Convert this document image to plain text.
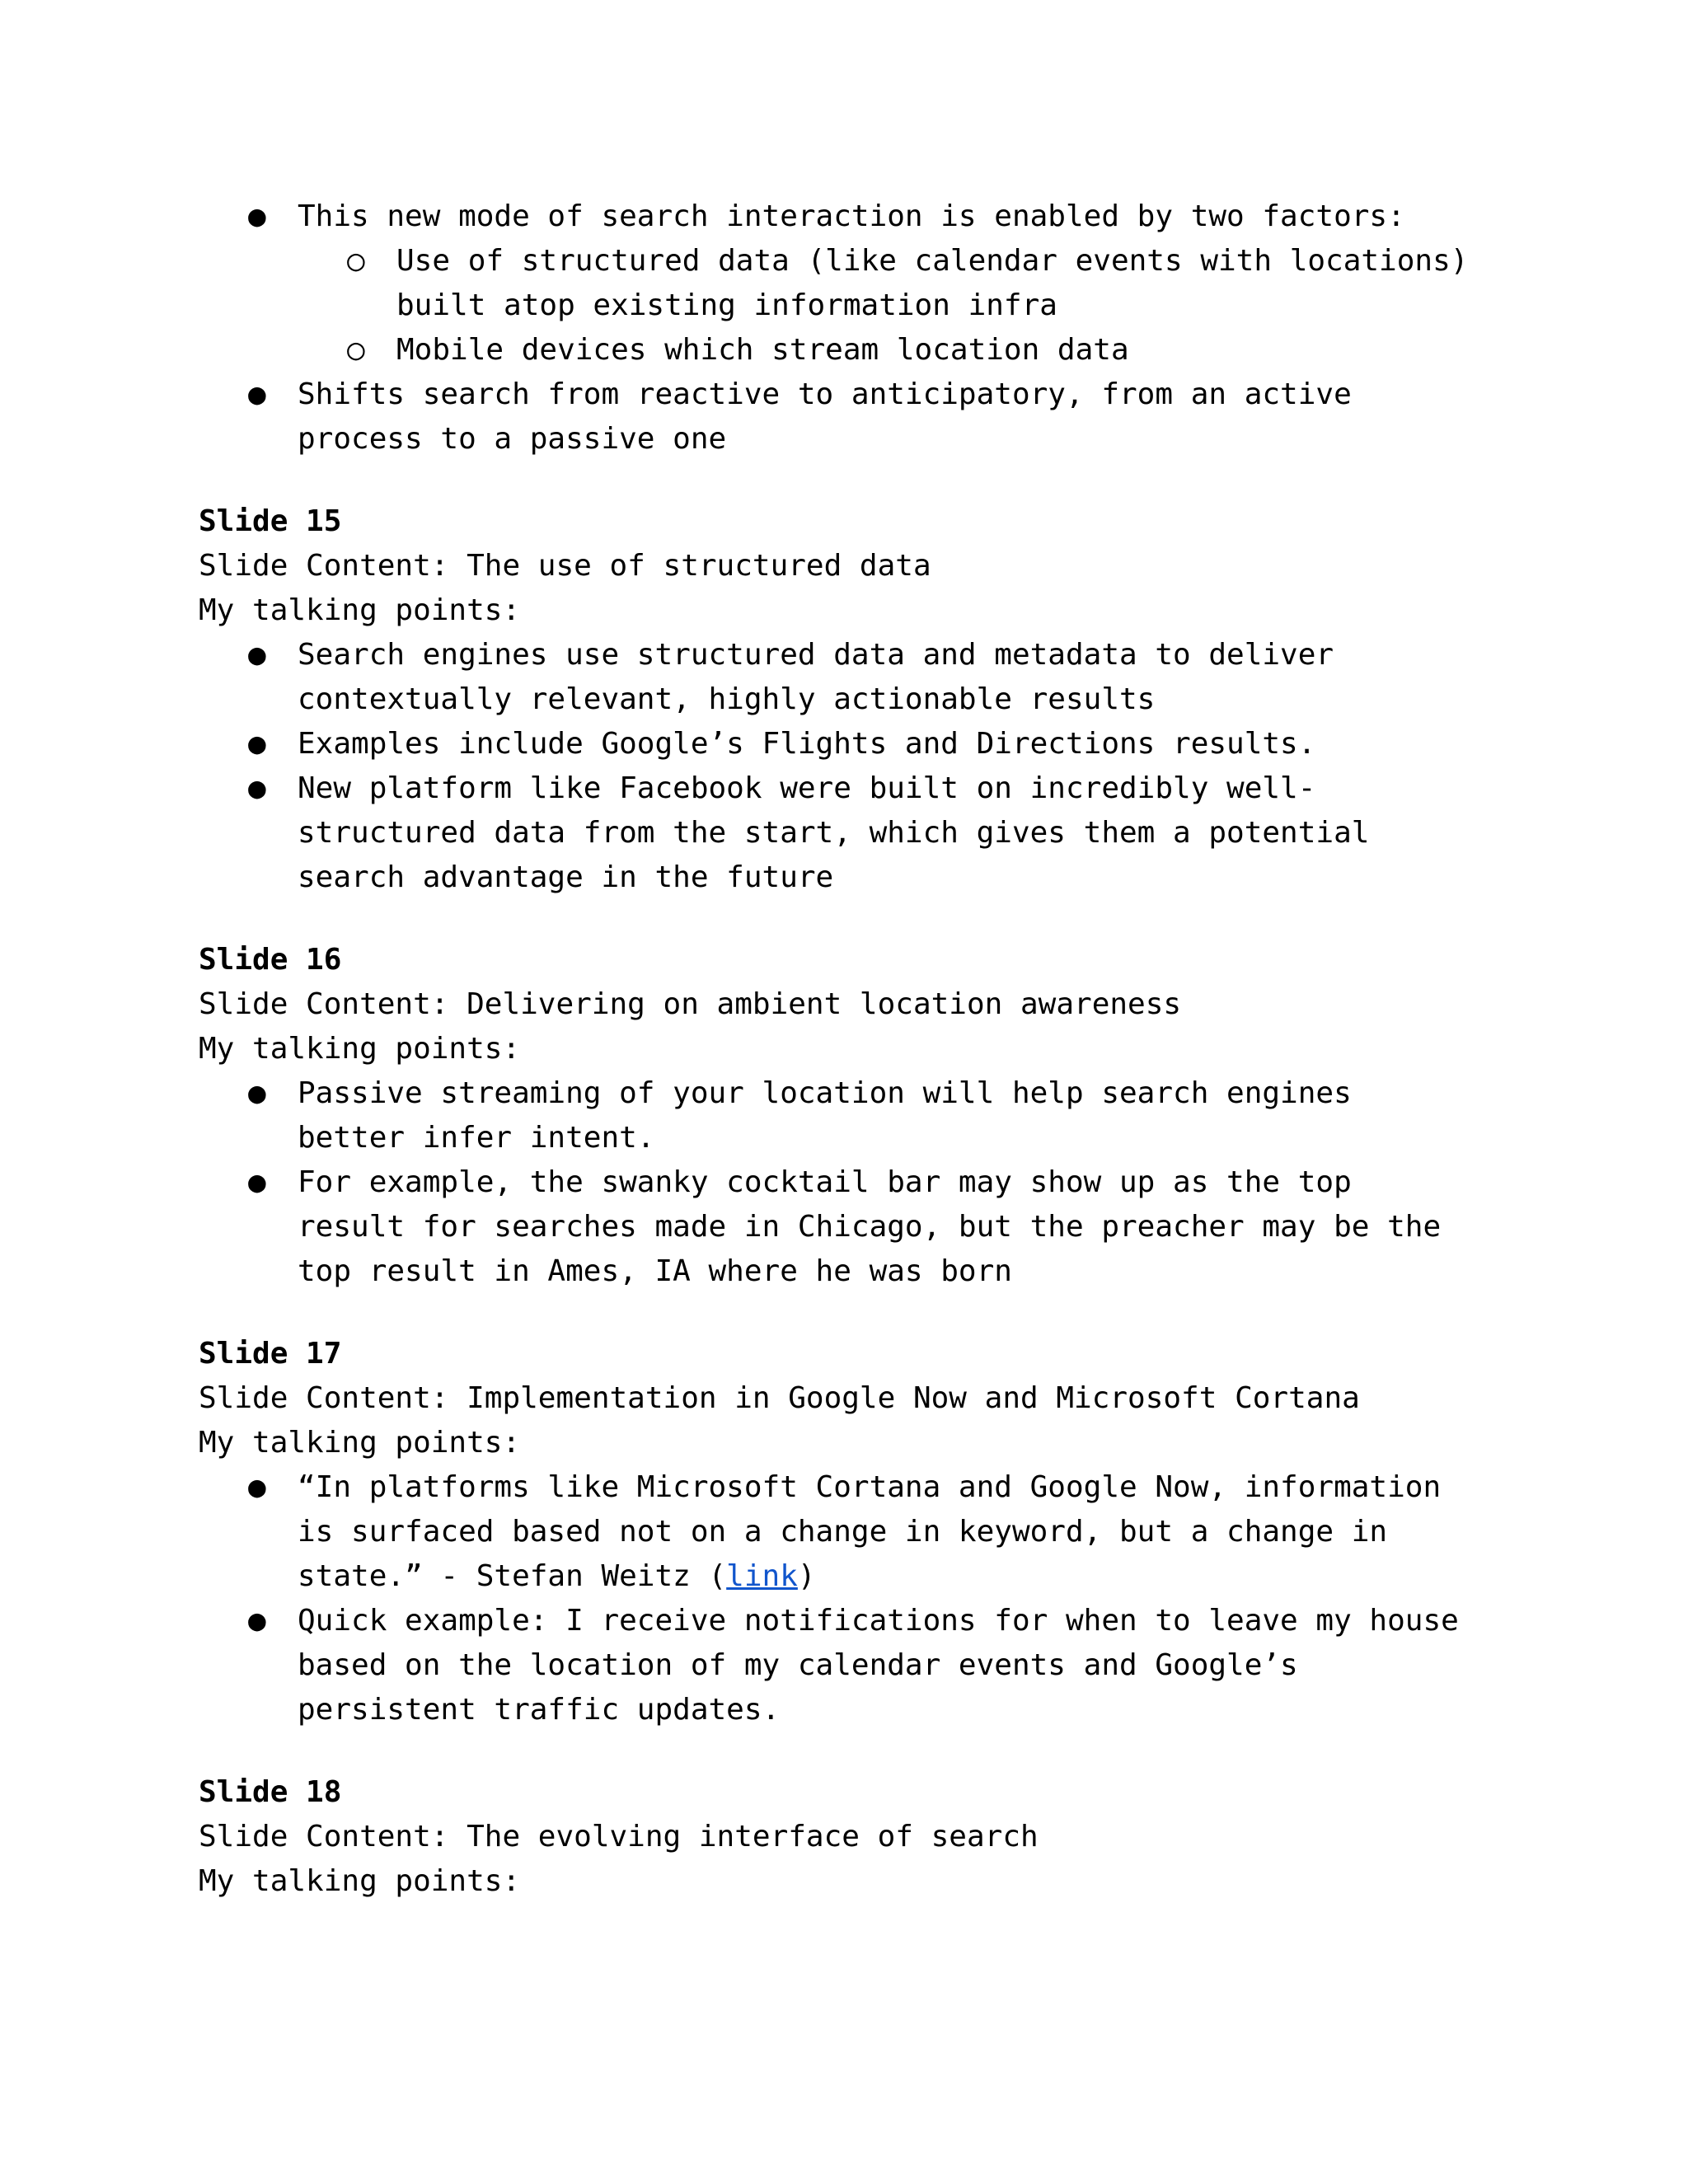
● This new mode of search interaction is enabled by two factors:
○ Use of structured data (like calendar events with locations)
built atop existing information infra
○ Mobile devices which stream location data
● Shifts search from reactive to anticipatory, from an active
process to a passive one
Slide 15
Slide Content: The use of structured data
My talking points:
● Search engines use structured data and metadata to deliver
contextually relevant, highly actionable results
● Examples include Google’s Flights and Directions results.
● New platform like Facebook were built on incredibly well-
structured data from the start, which gives them a potential
search advantage in the future
Slide 16
Slide Content: Delivering on ambient location awareness
My talking points:
● Passive streaming of your location will help search engines
better infer intent.
● For example, the swanky cocktail bar may show up as the top
result for searches made in Chicago, but the preacher may be the
top result in Ames, IA where he was born
Slide 17
Slide Content: Implementation in Google Now and Microsoft Cortana
My talking points:
● “In platforms like Microsoft Cortana and Google Now, information
is surfaced based not on a change in keyword, but a change in
state.” - Stefan Weitz (link)
● Quick example: I receive notifications for when to leave my house
based on the location of my calendar events and Google’s
persistent traffic updates.
Slide 18
Slide Content: The evolving interface of search
My talking points:
